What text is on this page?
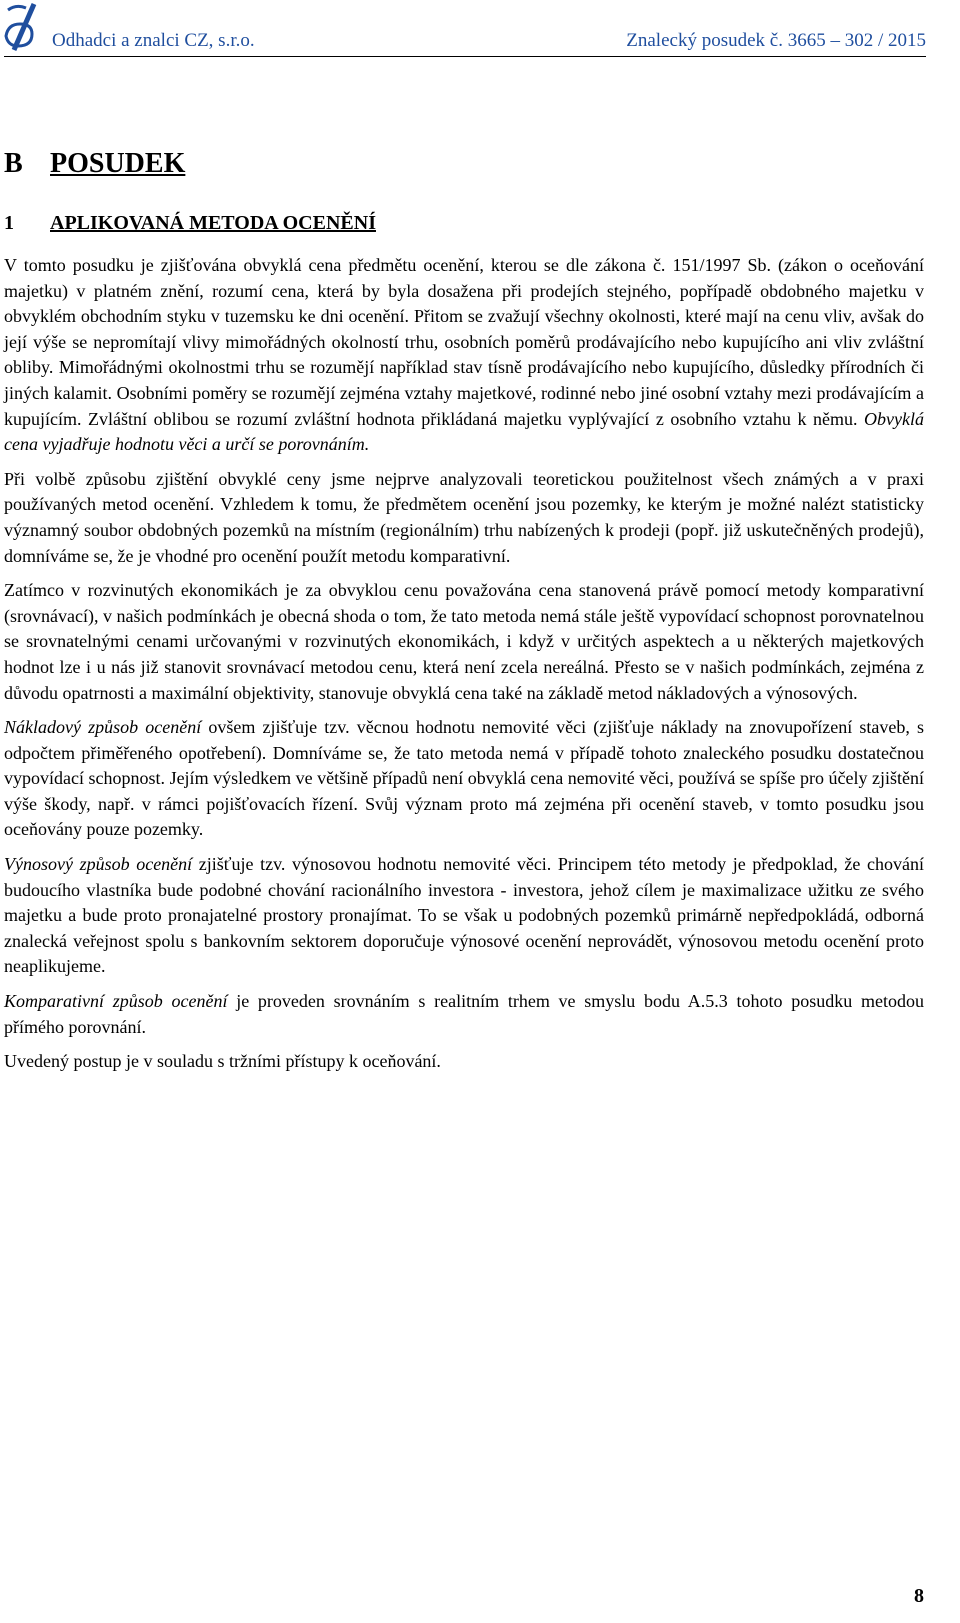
Odhadci a znalci CZ, s.r.o.	Znalecký posudek č. 3665 – 302 / 2015
B POSUDEK
1 APLIKOVANÁ METODA OCENĚNÍ

V tomto posudku je zjišťována obvyklá cena předmětu ocenění, kterou se dle zákona č. 151/1997 Sb. (zákon o oceňování majetku) v platném znění, rozumí cena, která by byla dosažena při prodejích stejného, popřípadě obdobného majetku v obvyklém obchodním styku v tuzemsku ke dni ocenění. Přitom se zvažují všechny okolnosti, které mají na cenu vliv, avšak do její výše se nepromítají vlivy mimořádných okolností trhu, osobních poměrů prodávajícího nebo kupujícího ani vliv zvláštní obliby. Mimořádnými okolnostmi trhu se rozumějí například stav tísně prodávajícího nebo kupujícího, důsledky přírodních či jiných kalamit. Osobními poměry se rozumějí zejména vztahy majetkové, rodinné nebo jiné osobní vztahy mezi prodávajícím a kupujícím. Zvláštní oblibou se rozumí zvláštní hodnota přikládaná majetku vyplývající z osobního vztahu k němu. Obvyklá cena vyjadřuje hodnotu věci a určí se porovnáním.

Při volbě způsobu zjištění obvyklé ceny jsme nejprve analyzovali teoretickou použitelnost všech známých a v praxi používaných metod ocenění. Vzhledem k tomu, že předmětem ocenění jsou pozemky, ke kterým je možné nalézt statisticky významný soubor obdobných pozemků na místním (regionálním) trhu nabízených k prodeji (popř. již uskutečněných prodejů), domníváme se, že je vhodné pro ocenění použít metodu komparativní.

Zatímco v rozvinutých ekonomikách je za obvyklou cenu považována cena stanovená právě pomocí metody komparativní (srovnávací), v našich podmínkách je obecná shoda o tom, že tato metoda nemá stále ještě vypovídací schopnost porovnatelnou se srovnatelnými cenami určovanými v rozvinutých ekonomikách, i když v určitých aspektech a u některých majetkových hodnot lze i u nás již stanovit srovnávací metodou cenu, která není zcela nereálná. Přesto se v našich podmínkách, zejména z důvodu opatrnosti a maximální objektivity, stanovuje obvyklá cena také na základě metod nákladových a výnosových.

Nákladový způsob ocenění ovšem zjišťuje tzv. věcnou hodnotu nemovité věci (zjišťuje náklady na znovupořízení staveb, s odpočtem přiměřeného opotřebení). Domníváme se, že tato metoda nemá v případě tohoto znaleckého posudku dostatečnou vypovídací schopnost. Jejím výsledkem ve většině případů není obvyklá cena nemovité věci, používá se spíše pro účely zjištění výše škody, např. v rámci pojišťovacích řízení. Svůj význam proto má zejména při ocenění staveb, v tomto posudku jsou oceňovány pouze pozemky.

Výnosový způsob ocenění zjišťuje tzv. výnosovou hodnotu nemovité věci. Principem této metody je předpoklad, že chování budoucího vlastníka bude podobné chování racionálního investora - investora, jehož cílem je maximalizace užitku ze svého majetku a bude proto pronajatelné prostory pronajímat. To se však u podobných pozemků primárně nepředpokládá, odborná znalecká veřejnost spolu s bankovním sektorem doporučuje výnosové ocenění neprovádět, výnosovou metodu ocenění proto neaplikujeme.

Komparativní způsob ocenění je proveden srovnáním s realitním trhem ve smyslu bodu A.5.3 tohoto posudku metodou přímého porovnání.

Uvedený postup je v souladu s tržními přístupy k oceňování.

8
